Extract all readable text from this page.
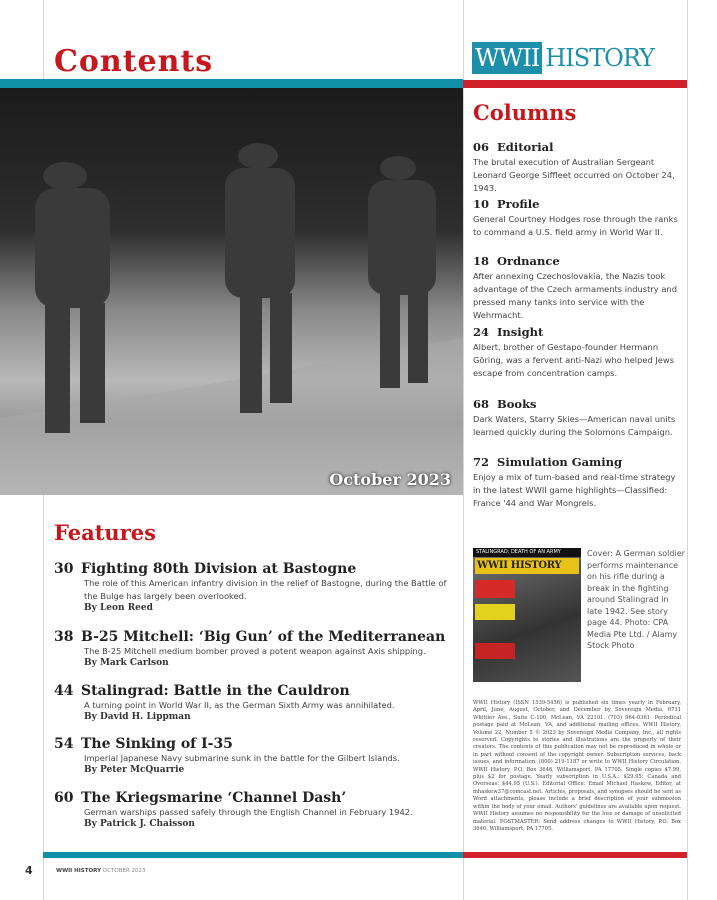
Contents
October 2023
WWII HISTORY
Columns
06 Editorial

The brutal execution of Australian Sergeant Leonard George Siffleet occurred on October 24, 1943.

10 Profile

General Courtney Hodges rose through the ranks to command a U.S. field army in World War II.

18 Ordnance

After annexing Czechoslovakia, the Nazis took advantage of the Czech armaments industry and pressed many tanks into service with the Wehrmacht.

24 Insight

Albert, brother of Gestapo-founder Hermann Göring, was a fervent anti-Nazi who helped Jews escape from concentration camps.

68 Books

Dark Waters, Starry Skies—American naval units learned quickly during the Solomons Campaign.

72 Simulation Gaming

Enjoy a mix of turn-based and real-time strategy in the latest WWII game highlights—Classified: France '44 and War Mongrels.

Features
30 Fighting 80th Division at Bastogne

The role of this American infantry division in the relief of Bastogne, during the Battle of the Bulge has largely been overlooked.

By Leon Reed
38 B-25 Mitchell: ‘Big Gun’ of the Mediterranean

The B-25 Mitchell medium bomber proved a potent weapon against Axis shipping.

By Mark Carlson
44 Stalingrad: Battle in the Cauldron

A turning point in World War II, as the German Sixth Army was annihilated.

By David H. Lippman
54 The Sinking of I-35

Imperial Japanese Navy submarine sunk in the battle for the Gilbert Islands.

By Peter McQuarrie
60 The Kriegsmarine ‘Channel Dash’

German warships passed safely through the English Channel in February 1942.

By Patrick J. Chaisson
STALINGRAD: DEATH OF AN ARMY
WWII HISTORY

Cover: A German soldier performs maintenance on his rifle during a break in the fighting around Stalingrad in late 1942. See story page 44. Photo: CPA Media Pte Ltd. / Alamy Stock Photo

WWII History (ISSN 1539-5456) is published six times yearly in February, April, June, August, October, and December by Sovereign Media, 6731 Whittier Ave., Suite C-100, McLean, VA 22101. (703) 964-0361. Periodical postage paid at McLean, VA, and additional mailing offices. WWII History, Volume 22, Number 5 © 2023 by Sovereign Media Company, Inc., all rights reserved. Copyrights to stories and illustrations are the property of their creators. The contents of this publication may not be reproduced in whole or in part without consent of the copyright owner. Subscription services, back issues, and information: (800) 219-1187 or write to WWII History Circulation, WWII History, P.O. Box 3646, Williamsport, PA 17705. Single copies $7.99, plus $2 for postage. Yearly subscription in U.S.A.: $29.95; Canada and Overseas: $44.95 (U.S.). Editorial Office: Email Michael Haskew, Editor, at mhaskew37@comcast.net. Articles, proposals, and synopses should be sent as Word attachments; please include a brief description of your submission within the body of your email. Authors' guidelines are available upon request. WWII History assumes no responsibility for the loss or damage of unsolicited material. POSTMASTER: Send address changes to WWII History, P.O. Box 3646, Williamsport, PA 17705.

4	WWII HISTORY OCTOBER 2023
